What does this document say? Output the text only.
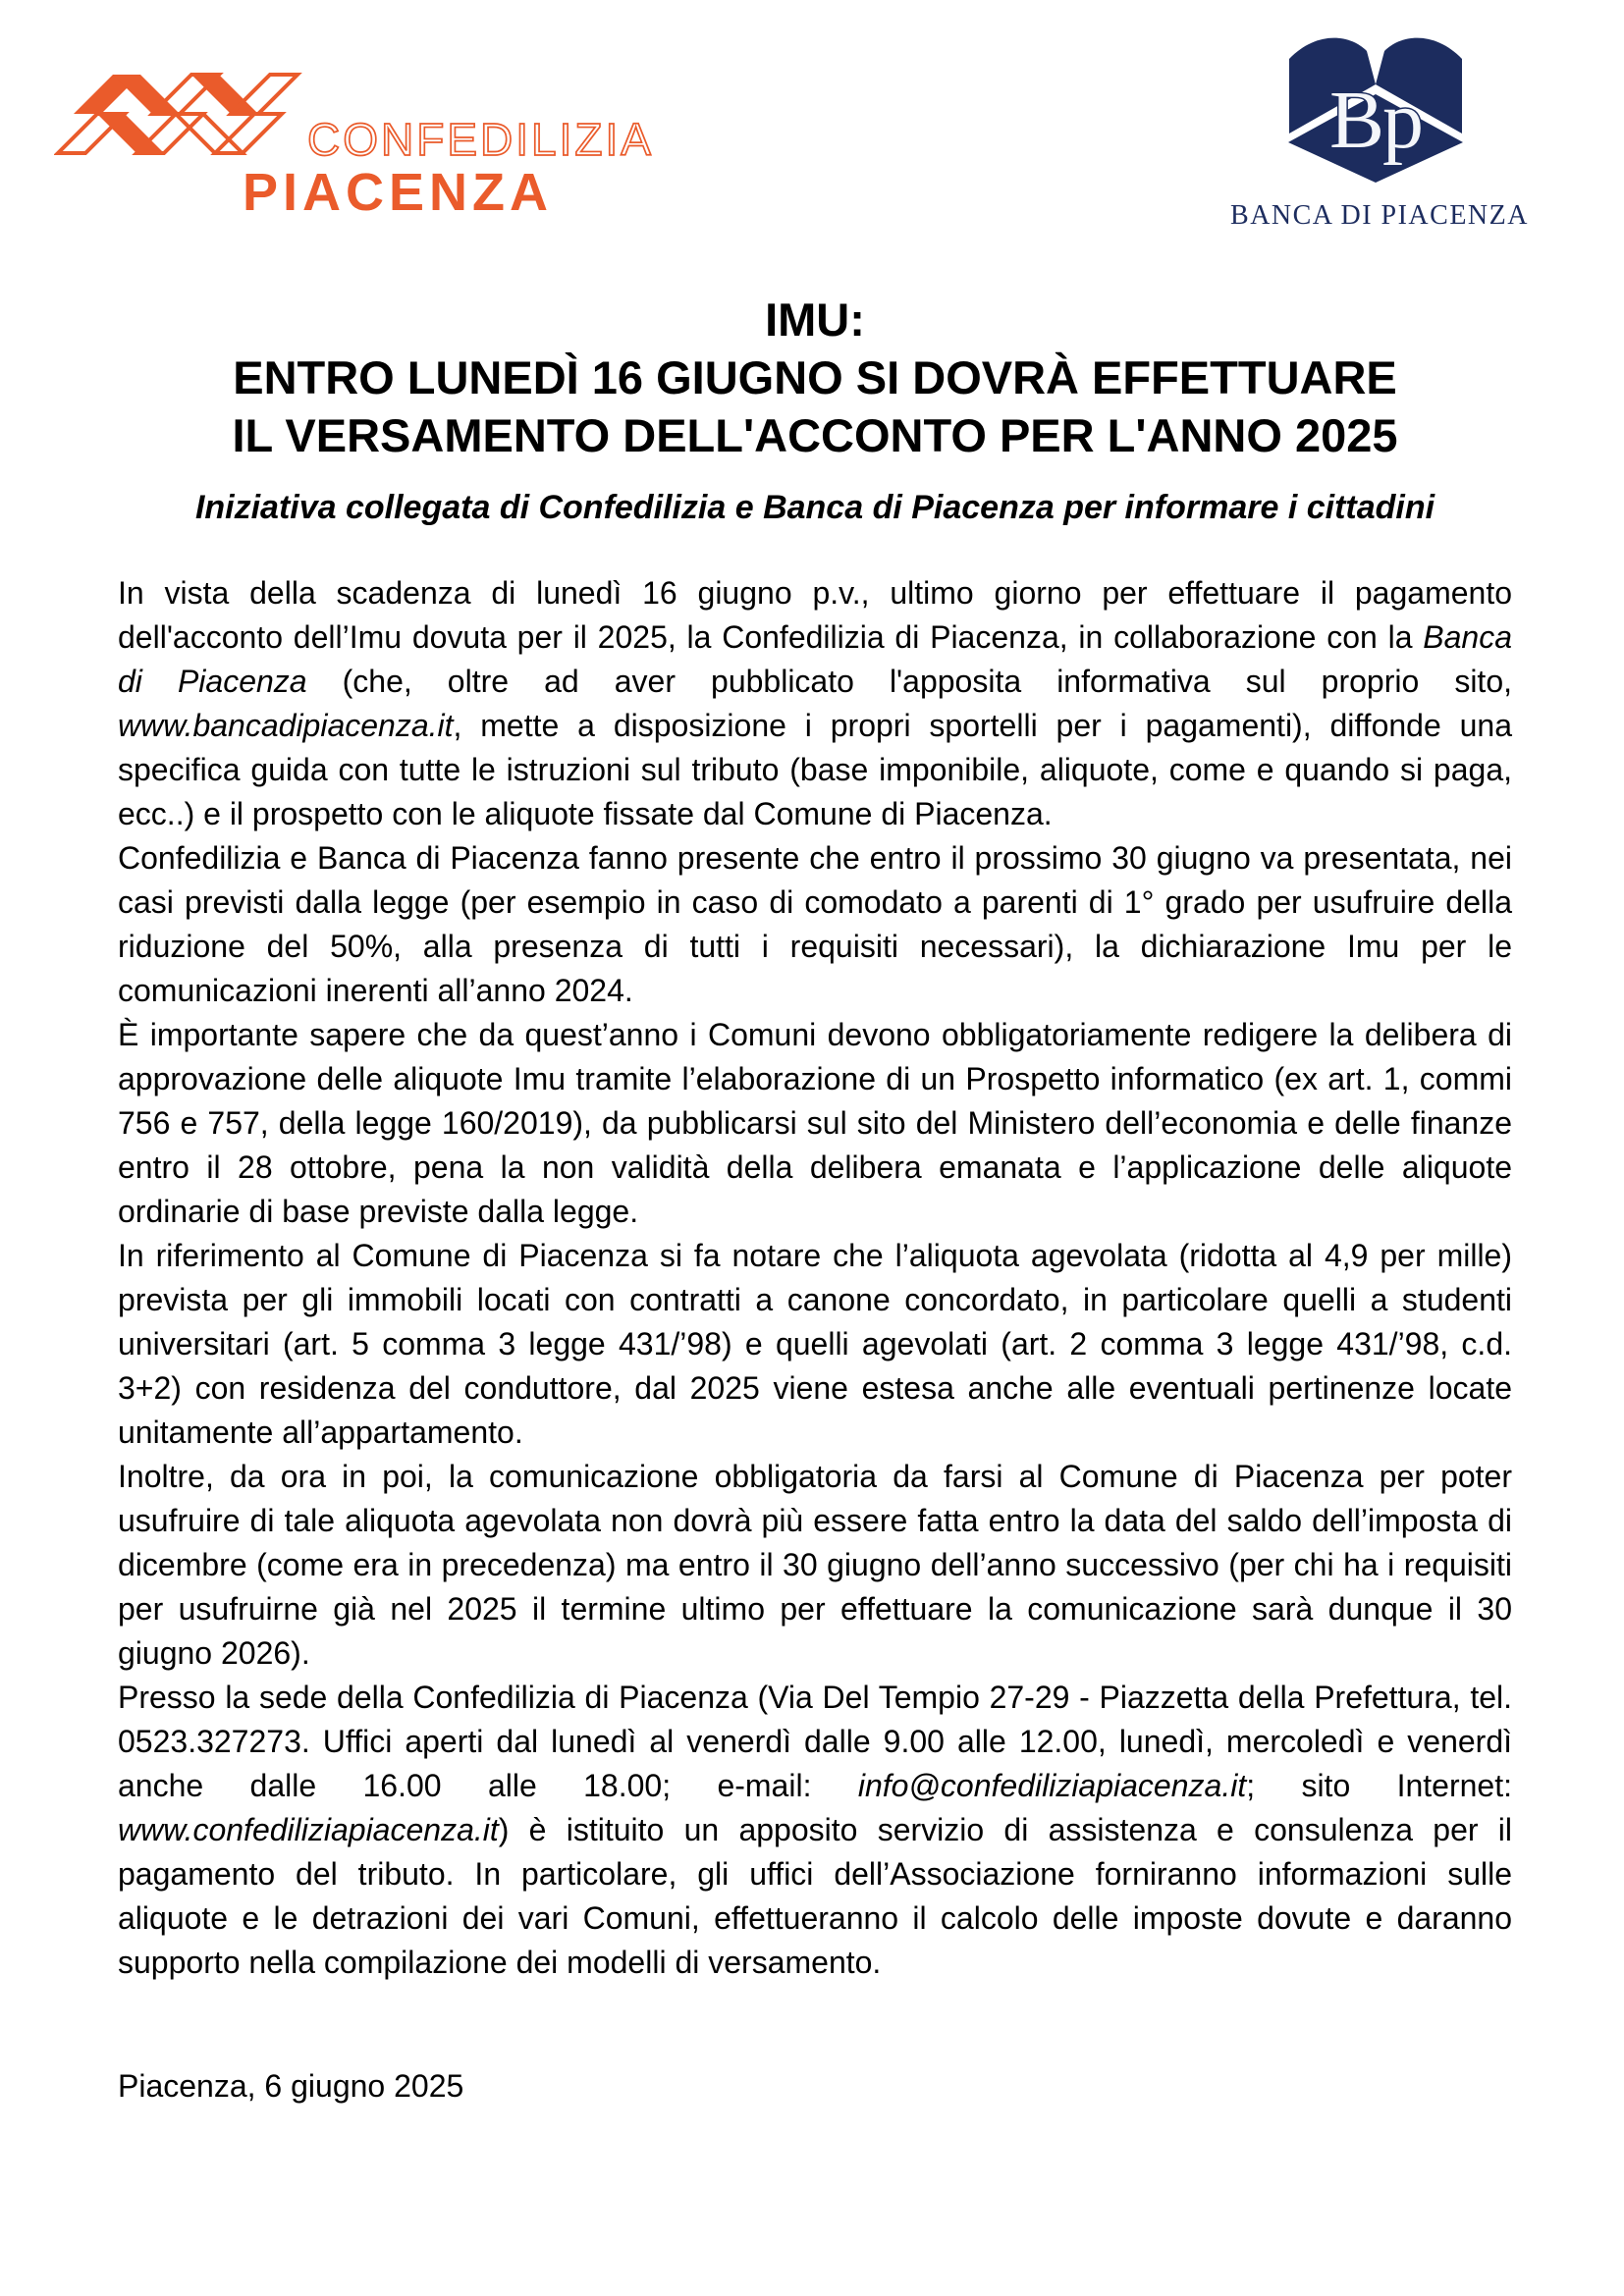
CONFEDILIZIA
PIACENZA
Bp
BANCA DI PIACENZA
IMU:
ENTRO LUNEDÌ 16 GIUGNO SI DOVRÀ EFFETTUARE
IL VERSAMENTO DELL'ACCONTO PER L'ANNO 2025

Iniziativa collegata di Confedilizia e Banca di Piacenza per informare i cittadini

In vista della scadenza di lunedì 16 giugno p.v., ultimo giorno per effettuare il pagamento dell'acconto dell’Imu dovuta per il 2025, la Confedilizia di Piacenza, in collaborazione con la Banca di Piacenza (che, oltre ad aver pubblicato l'apposita informativa sul proprio sito, www.bancadipiacenza.it, mette a disposizione i propri sportelli per i pagamenti), diffonde una specifica guida con tutte le istruzioni sul tributo (base imponibile, aliquote, come e quando si paga, ecc..) e il prospetto con le aliquote fissate dal Comune di Piacenza.

Confedilizia e Banca di Piacenza fanno presente che entro il prossimo 30 giugno va presentata, nei casi previsti dalla legge (per esempio in caso di comodato a parenti di 1° grado per usufruire della riduzione del 50%, alla presenza di tutti i requisiti necessari), la dichiarazione Imu per le comunicazioni inerenti all’anno 2024.

È importante sapere che da quest’anno i Comuni devono obbligatoriamente redigere la delibera di approvazione delle aliquote Imu tramite l’elaborazione di un Prospetto informatico (ex art. 1, commi 756 e 757, della legge 160/2019), da pubblicarsi sul sito del Ministero dell’economia e delle finanze entro il 28 ottobre, pena la non validità della delibera emanata e l’applicazione delle aliquote ordinarie di base previste dalla legge.

In riferimento al Comune di Piacenza si fa notare che l’aliquota agevolata (ridotta al 4,9 per mille) prevista per gli immobili locati con contratti a canone concordato, in particolare quelli a studenti universitari (art. 5 comma 3 legge 431/’98) e quelli agevolati (art. 2 comma 3 legge 431/’98, c.d. 3+2) con residenza del conduttore, dal 2025 viene estesa anche alle eventuali pertinenze locate unitamente all’appartamento.

Inoltre, da ora in poi, la comunicazione obbligatoria da farsi al Comune di Piacenza per poter usufruire di tale aliquota agevolata non dovrà più essere fatta entro la data del saldo dell’imposta di dicembre (come era in precedenza) ma entro il 30 giugno dell’anno successivo (per chi ha i requisiti per usufruirne già nel 2025 il termine ultimo per effettuare la comunicazione sarà dunque il 30 giugno 2026).

Presso la sede della Confedilizia di Piacenza (Via Del Tempio 27-29 - Piazzetta della Prefettura, tel. 0523.327273. Uffici aperti dal lunedì al venerdì dalle 9.00 alle 12.00, lunedì, mercoledì e venerdì anche dalle 16.00 alle 18.00; e-mail: info@confediliziapiacenza.it; sito Internet: www.confediliziapiacenza.it) è istituito un apposito servizio di assistenza e consulenza per il pagamento del tributo. In particolare, gli uffici dell’Associazione forniranno informazioni sulle aliquote e le detrazioni dei vari Comuni, effettueranno il calcolo delle imposte dovute e daranno supporto nella compilazione dei modelli di versamento.

Piacenza, 6 giugno 2025
